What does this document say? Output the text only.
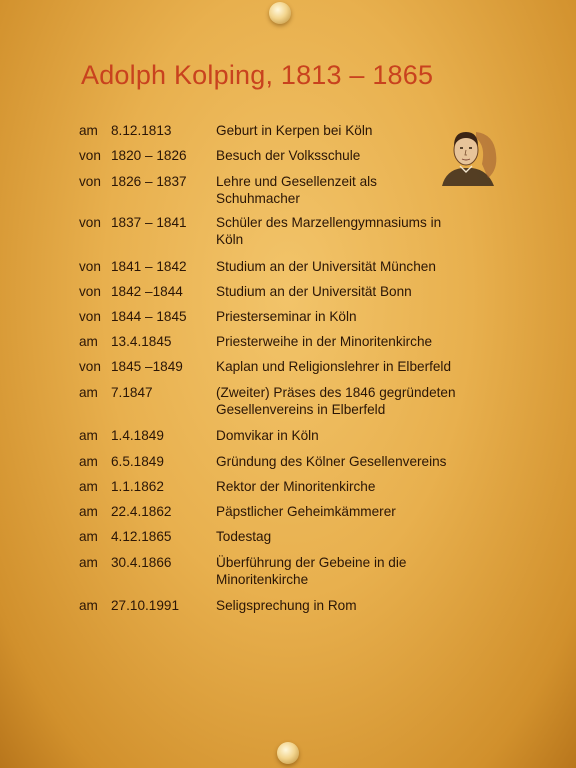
Adolph Kolping, 1813 – 1865
am 8.12.1813	Geburt in Kerpen bei Köln
von 1820 – 1826 Besuch der Volksschule
von 1826 – 1837 Lehre und Gesellenzeit als Schuhmacher
von 1837 – 1841 Schüler des Marzellengymnasiums in Köln
von 1841 – 1842 Studium an der Universität München
von 1842 –1844 Studium an der Universität Bonn
von 1844 – 1845 Priesterseminar in Köln
am 13.4.1845	Priesterweihe in der Minoritenkirche
von 1845 –1849 Kaplan und Religionslehrer in Elberfeld
am 7.1847	(Zweiter) Präses des 1846 gegründeten Gesellenvereins in Elberfeld
am 1.4.1849	Domvikar in Köln
am 6.5.1849	Gründung des Kölner Gesellenvereins
am 1.1.1862	Rektor der Minoritenkirche
am 22.4.1862	Päpstlicher Geheimkämmerer
am 4.12.1865	Todestag
am 30.4.1866	Überführung der Gebeine in die Minoritenkirche
am 27.10.1991	Seligsprechung in Rom
